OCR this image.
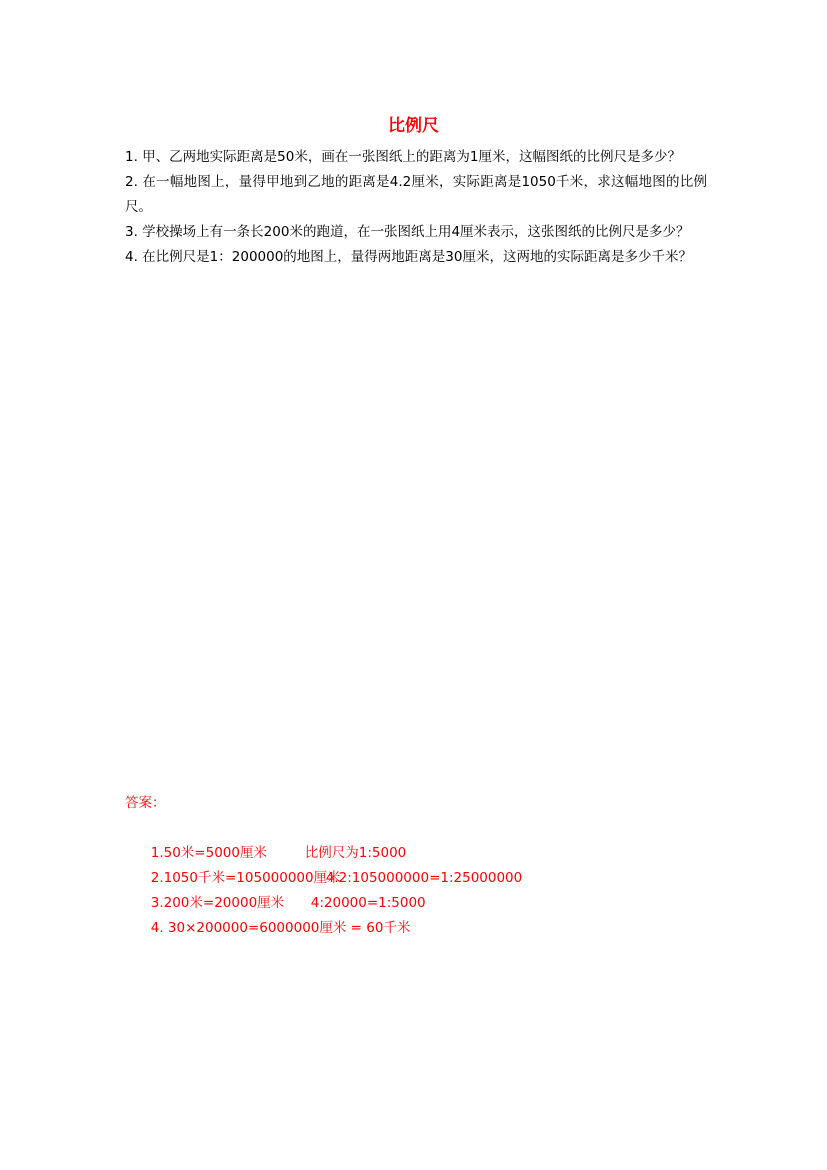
比例尺
1. 甲、乙两地实际距离是50米，画在一张图纸上的距离为1厘米，这幅图纸的比例尺是多少？
2. 在一幅地图上，量得甲地到乙地的距离是4.2厘米，实际距离是1050千米，求这幅地图的比例尺。
3. 学校操场上有一条长200米的跑道，在一张图纸上用4厘米表示，这张图纸的比例尺是多少？
4. 在比例尺是1：200000的地图上，量得两地距离是30厘米，这两地的实际距离是多少千米？
答案：

1.50米=5000厘米	比例尺为1:5000

2.1050千米=105000000厘米4.2:105000000=1:25000000

3.200米=20000厘米 4:20000=1:5000

4. 30×200000=6000000厘米 = 60千米
